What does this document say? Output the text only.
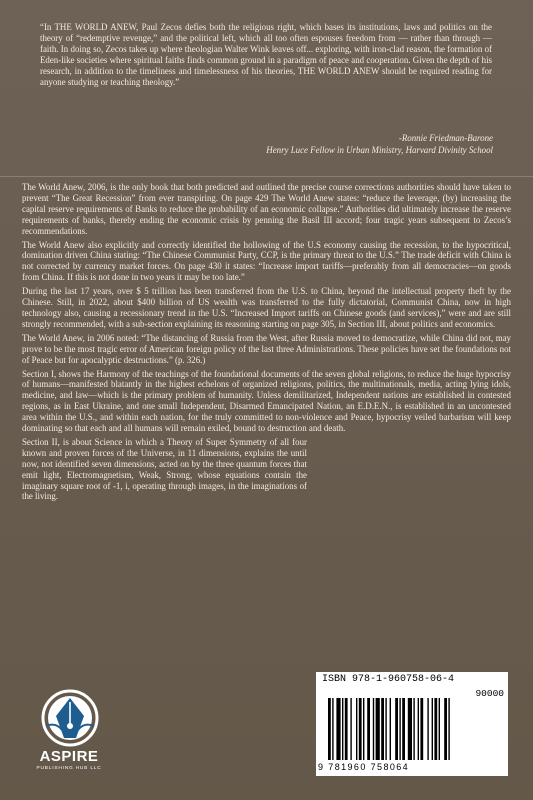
“In THE WORLD ANEW, Paul Zecos defies both the religious right, which bases its institutions, laws and politics on the theory of “redemptive revenge,” and the political left, which all too often espouses freedom from — rather than through — faith. In doing so, Zecos takes up where theologian Walter Wink leaves off... exploring, with iron-clad reason, the formation of Eden-like societies where spiritual faiths finds common ground in a paradigm of peace and cooperation. Given the depth of his research, in addition to the timeliness and timelessness of his theories, THE WORLD ANEW should be required reading for anyone studying or teaching theology.”
-Ronnie Friedman-Barone
Henry Luce Fellow in Urban Ministry, Harvard Divinity School

The World Anew, 2006, is the only book that both predicted and outlined the precise course corrections authorities should have taken to prevent “The Great Recession” from ever transpiring. On page 429 The World Anew states: “reduce the leverage, (by) increasing the capital reserve requirements of Banks to reduce the probability of an economic collapse.” Authorities did ultimately increase the reserve requirements of banks, thereby ending the economic crisis by penning the Basil III accord; four tragic years subsequent to Zecos’s recommendations.

The World Anew also explicitly and correctly identified the hollowing of the U.S economy causing the recession, to the hypocritical, domination driven China stating: “The Chinese Communist Party, CCP, is the primary threat to the U.S.” The trade deficit with China is not corrected by currency market forces. On page 430 it states: “Increase import tariffs—preferably from all democracies—on goods from China. If this is not done in two years it may be too late.”

During the last 17 years, over $ 5 trillion has been transferred from the U.S. to China, beyond the intellectual property theft by the Chinese. Still, in 2022, about $400 billion of US wealth was transferred to the fully dictatorial, Communist China, now in high technology also, causing a recessionary trend in the U.S. “Increased Import tariffs on Chinese goods (and services),” were and are still strongly recommended, with a sub-section explaining its reasoning starting on page 305, in Section III, about politics and economics.

The World Anew, in 2006 noted: “The distancing of Russia from the West, after Russia moved to democratize, while China did not, may prove to be the most tragic error of American foreign policy of the last three Administrations. These policies have set the foundations not of Peace but for apocalyptic destructions.” (p. 326.)

Section I, shows the Harmony of the teachings of the foundational documents of the seven global religions, to reduce the huge hypocrisy of humans—manifested blatantly in the highest echelons of organized religions, politics, the multinationals, media, acting lying idols, medicine, and law—which is the primary problem of humanity. Unless demilitarized, Independent nations are established in contested regions, as in East Ukraine, and one small Independent, Disarmed Emancipated Nation, an E.D.E.N., is established in an uncontested area within the U.S., and within each nation, for the truly committed to non-violence and Peace, hypocrisy veiled barbarism will keep dominating so that each and all humans will remain exiled, bound to destruction and death.

Section II, is about Science in which a Theory of Super Symmetry of all four known and proven forces of the Universe, in 11 dimensions, explains the until now, not identified seven dimensions, acted on by the three quantum forces that emit light, Electromagnetism, Weak, Strong, whose equations contain the imaginary square root of -1, i, operating through images, in the imaginations of the living.

ASPIRE
PUBLISHING HUB LLC
ISBN 978-1-960758-06-4
90000
9 781960 758064
